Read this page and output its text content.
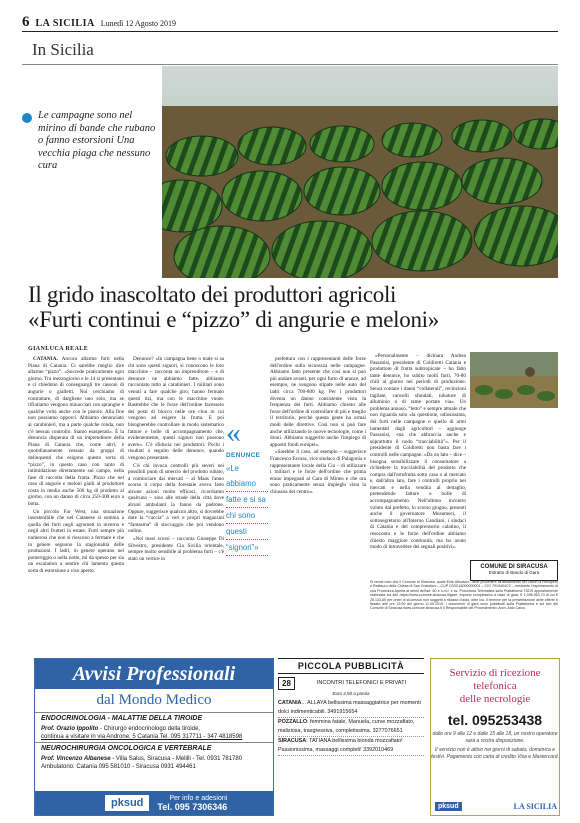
6 LA SICILIA Lunedì 12 Agosto 2019
In Sicilia

Le campagne sono nel mirino di bande che rubano o fanno estorsioni Una vecchia piaga che nessuno cura

Il grido inascoltato dei produttori agricoli
«Furti continui e “pizzo” di angurie e meloni»
GIANLUCA REALE

CATANIA. Ancora allarme furti nella Piana di Catania. Ci sarebbe meglio dire allarme “pizzo”. «Succede praticamente ogni giorno. Tra mezzogiorno e le 14 si presentano e ci chiedono di consegnargli tre cassoni di angurie o gialletti. Noi cerchiamo di contrattare, di dargliene uno solo, ma se rifiutiamo vengono minacciati con spranghe e qualche volta anche con le pistole. Alla fine non possiamo opporci. Abbiamo denunciato ai carabinieri, ma a parte qualche ronda, non c'è nessun controllo. Siamo esasperati». È la denuncia disperata di un imprenditore della Piana di Catania che, come altri, è quotidianamente vessato da gruppi di delinquenti che esigono questo sorta di “pizzo”, in questo caso con tanto di intimidazione direttamente sul campo, nella fase di raccolta della frutta. Pizzo che nel caso di angurie e meloni gialli al produttore costa in media anche 500 kg di prodotto al giorno, con un danno di circa 250-300 euro a botta.

Un piccolo Far West, una situazione insostenibile che nel Catanese si somma a quella dei furti negli agrumeti in inverno e negli altri frutteti in estate. Furti sempre più numerosi che non si riescono a fermare e che in genere seguono la stagionalità delle produzioni. I ladri, in genere operano nel pomeriggio o nella notte, mi da spesso per sia un escalation a sentire chi lamenta questa sorta di estorsione a viso aperto.

Denunce? «In campagna bene o male si sa chi sono questi signori, si conoscono le loro macchine – racconta un imprenditore – e di denunce ne abbiamo fatte, abbiamo raccontato tutto ai carabinieri. I militari sono venuti a fare qualche giro, hanno fermato questi tizi, ma con le macchine vuote. Bastrebbe che le forze dell'ordine facessero dei posti di blocco nelle ore clou in cui vengono ad esigere la frutta. E poi bisognerebbe controllare in modo sistematico fatture e bolle di accompagnamento che, evidentemente, questi signori non possono avere». C'è sfiducia nei produttori. Pochi i risultati a seguito delle denunce, quando vengono presentate.

C'è chi invoca controlli più severi nei possibili punti di smercio del prodotto rubato, a cominciare dai mercati – al Maas l'anno scorso il corpo della forestale aveva fatto alcune azioni molto efficaci, ricordiamo qualcuno – sino alle strade della città dove alcuni ambulanti la fanno da padrone. Oppure, suggerisce qualcun altro, si dovrebbe dare la “caccia” a veri e propri magazzini “fantasma” di stoccaggio che poi vendono online.

«Nei mesi scorsi – racconta Giuseppe Di Silvestro, presidente Cia Sicilia orientale, sempre molto sensibile al problema furti – c'è stato un vertice in

«
DENUNCE
«Le abbiamo
fatte e si sa
chi sono
questi
“signori”»

prefettura con i rappresentanti delle forze dell'ordine sulla sicurezza nelle campagne. Abbiamo fatto presente che così non si può più andare avanti, per ogni furto di arance, ad esempio, ne vengono stipate nelle auto del ladri circa 700-800 kg. Per i produttori diventa un danno consistente vista la frequenza dei furti. Abbiamo chiesto alle forze dell'ordine di controllare di più e meglio il territorio, perché questa gente ha ormai modi delle direttive. Così non si può fare anche utilizzando le nuove tecnologie, come i droni. Abbiamo suggerito anche l'impiego di appositi fondi europei».

«Sarebbe il caso, ad esempio – suggerisce Francesco Favara, vice sindaco di Palagonia e rappresentante locale della Cia – di utilizzare i militari e le forze dell'ordine che prima erano impegnati al Cara di Mineo e che ora sono praticamente senza impieghi vista la chiusura del centro».

«Personalmente – dichiara Andrea Passanisi, presidente di Coldiretti Catania e produttore di frutta subtropicale – ho fatto tante denunce, ho subito molti furti, 70-80 chili al giorno nei periodi di produzione. Senza contare i danni “collaterali”, recinzioni tagliate, cancelli sfondati, tubature di alluminio o di rame portate via». Un problema annoso, “letto” e sempre attuale che non riguarda solo «la questione, odiosissima, dei furti nelle campagne o quello di armi lamentati dagli agricoltori – aggiunge Passanisi, -ma che abbraccia anche e soprattutto il nodo “tracciabilità”». Per il presidente di Coldiretti non basta fare i controlli nelle campagne. «Da un lato – dice – bisogna sensibilizzare il consumatore a richiedere la tracciabilità del prodotto che compra dall'ortofrutta sotto casa o al mercato e, dall'altro lato, fare i controlli proprio nei mercati e nella vendita al dettaglio, pretendendo fatture e bolle di accompagnamento. Nell'ultimo incontro voluto dal prefetto, lo scorso giugno, presenti anche il governatore Musumeci, il sottosegretario all'Interno Candiani, i sindaci di Catania e del comprensorio calatino, il resoconto e le forze dell'ordine abbiamo chiesto maggiore continuità, ma ho avuto modo di intravedere dei segnali positivi».

COMUNE DI SIRACUSA
Estratto di Bando di Gara
Si rende noto che il Comune di Siracusa, quale Ente Attuatore, deve procedere all'affidamento dei Lavori di Recupero e Restauro della Chiesa di San Cristoforo – CUP D33G16000000001 – CIG 7919404CC – mediante l'espletamento di una Procedura Aperta ai sensi dell'art. 60 e s.m.i. e ss. Procedura Telematica sulla Piattaforma TDDS appositamente realizzata sul sito https://www.comune.siracusa.it/gare. Importo complessivo a base di gara: € 1.098.963,70 di cui € 28.133,60 per oneri di sicurezza non soggetti a ribasso d'asta, oltre iva. Il termine per la presentazione delle offerte è fissato alle ore 13:00 del giorno 11.09.2019. I documenti di gara sono pubblicati sulla Piattaforma e sul sito del Comune di Siracusa www.comune.siracusa.it Il Responsabile del Procedimento: Arch. Aldo Calvo.
Avvisi Professionali
dal Mondo Medico
ENDOCRINOLOGIA - MALATTIE DELLA TIROIDE
Prof. Orazio Ippolito - Chirurgo endocrinologo della tiroide,
continua a visitare in via Androne, 5 Catania Tel. 095 317711 - 347 4818598
NEUROCHIRURGIA ONCOLOGICA E VERTEBRALE
Prof. Vincenzo Albanese - Villa Salus, Siracusa - Melilli - Tel. 0931 781780
Ambulatorio: Catania 095 581010 - Siracusa 0931 494461
pksud	Per info e adesioni
Tel. 095 7306346
PICCOLA PUBBLICITÀ
28	INCONTRI TELEFONICI E PRIVATI
Euro 4,50 a parola
CATANIA... ALLAYA bellissima massaggiatrice per momenti dolci indimenticabili. 3491915654
POZZALLO: femmina fatale, Manuela, curve mozzafiato, maliziosa, trasgressiva, completissima. 3277076651
SIRACUSA: TATIANA bellissima bionda mozzafiato! Passionissima, massaggi completi! 3392010469
Servizio di ricezione
telefonica
delle necrologie
tel. 095253438
dalle ore 9 alle 12 e dalle 15 alle 18, un nostro operatore sarà a vostra disposizione.
Il servizio non è attivo nei giorni di sabato, domenica e festivi. Pagamento con carta di credito Visa e Mastercard.
pksud	LA SICILIA
